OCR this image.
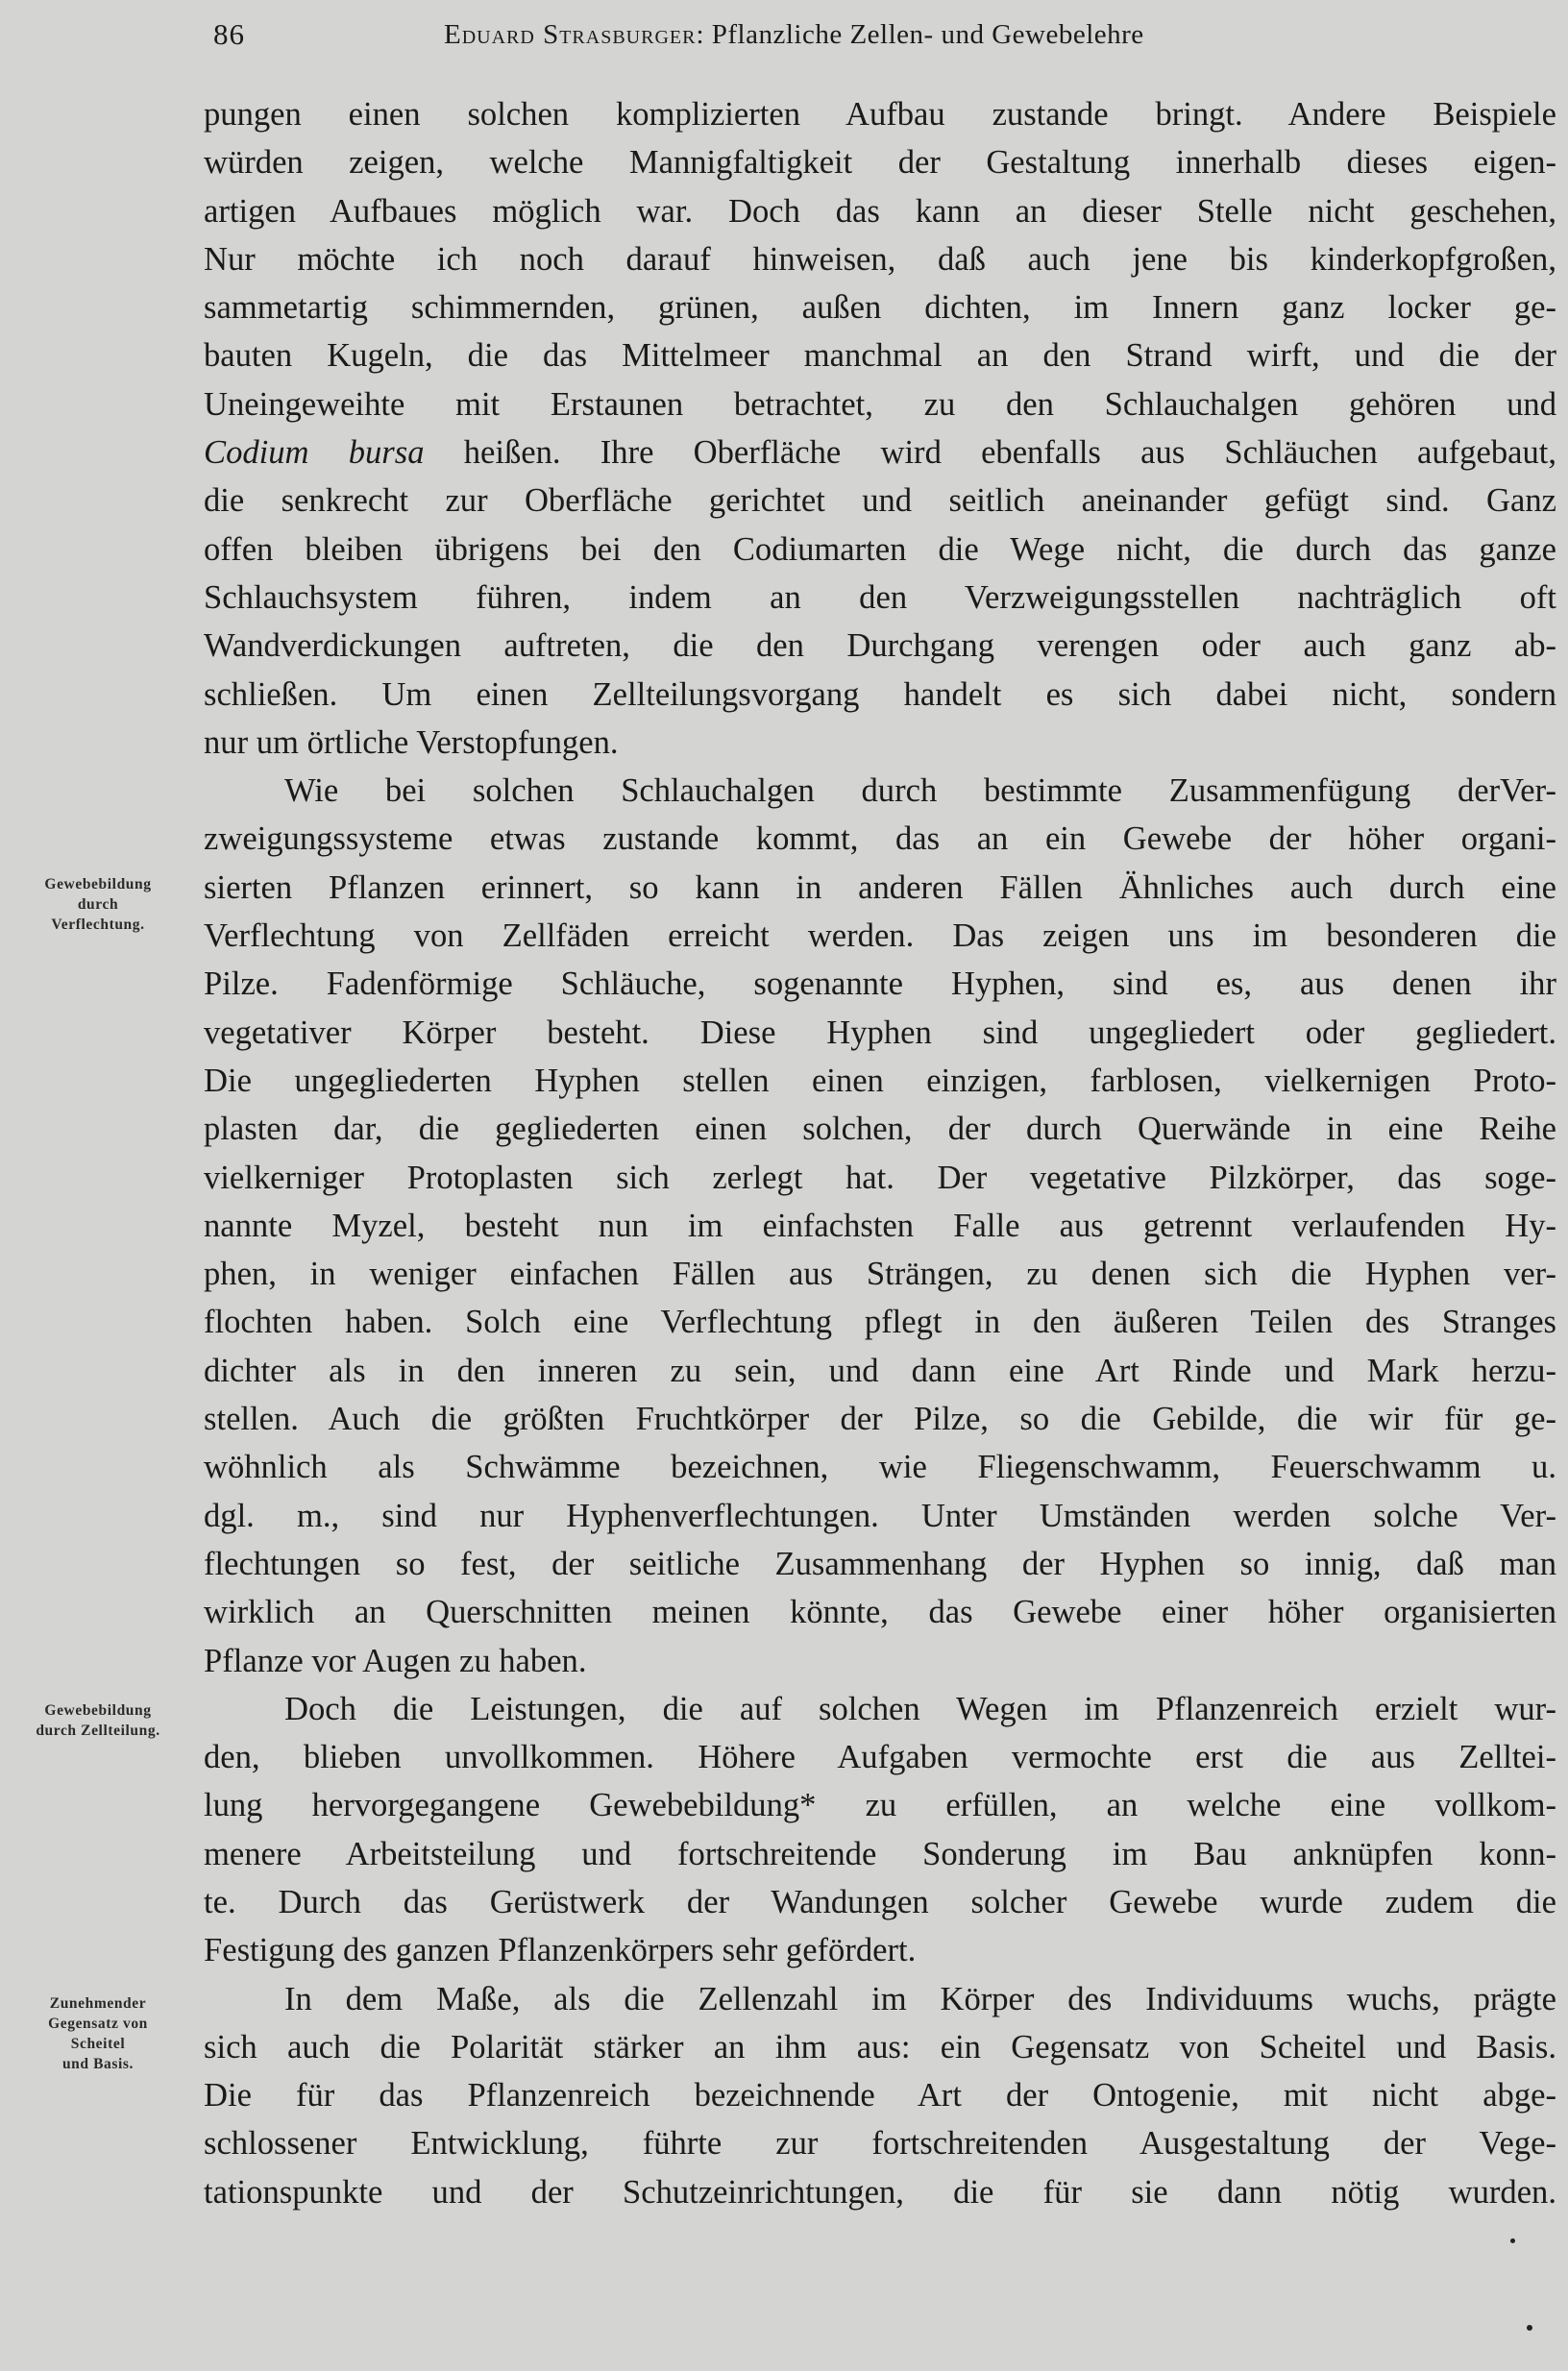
86	Eduard Strasburger: Pflanzliche Zellen- und Gewebelehre
pungen einen solchen komplizierten Aufbau zustande bringt. Andere Beispiele
würden zeigen, welche Mannigfaltigkeit der Gestaltung innerhalb dieses eigen-
artigen Aufbaues möglich war. Doch das kann an dieser Stelle nicht geschehen,
Nur möchte ich noch darauf hinweisen, daß auch jene bis kinderkopfgroßen,
sammetartig schimmernden, grünen, außen dichten, im Innern ganz locker ge-
bauten Kugeln, die das Mittelmeer manchmal an den Strand wirft, und die der
Uneingeweihte mit Erstaunen betrachtet, zu den Schlauchalgen gehören und
Codium bursa heißen. Ihre Oberfläche wird ebenfalls aus Schläuchen aufgebaut,
die senkrecht zur Oberfläche gerichtet und seitlich aneinander gefügt sind. Ganz
offen bleiben übrigens bei den Codiumarten die Wege nicht, die durch das ganze
Schlauchsystem führen, indem an den Verzweigungsstellen nachträglich oft
Wandverdickungen auftreten, die den Durchgang verengen oder auch ganz ab-
schließen. Um einen Zellteilungsvorgang handelt es sich dabei nicht, sondern
nur um örtliche Verstopfungen.
Wie bei solchen Schlauchalgen durch bestimmte Zusammenfügung derVer-
zweigungssysteme etwas zustande kommt, das an ein Gewebe der höher organi-
sierten Pflanzen erinnert, so kann in anderen Fällen Ähnliches auch durch eine
Verflechtung von Zellfäden erreicht werden. Das zeigen uns im besonderen die
Pilze. Fadenförmige Schläuche, sogenannte Hyphen, sind es, aus denen ihr
vegetativer Körper besteht. Diese Hyphen sind ungegliedert oder gegliedert.
Die ungegliederten Hyphen stellen einen einzigen, farblosen, vielkernigen Proto-
plasten dar, die gegliederten einen solchen, der durch Querwände in eine Reihe
vielkerniger Protoplasten sich zerlegt hat. Der vegetative Pilzkörper, das soge-
nannte Myzel, besteht nun im einfachsten Falle aus getrennt verlaufenden Hy-
phen, in weniger einfachen Fällen aus Strängen, zu denen sich die Hyphen ver-
flochten haben. Solch eine Verflechtung pflegt in den äußeren Teilen des Stranges
dichter als in den inneren zu sein, und dann eine Art Rinde und Mark herzu-
stellen. Auch die größten Fruchtkörper der Pilze, so die Gebilde, die wir für ge-
wöhnlich als Schwämme bezeichnen, wie Fliegenschwamm, Feuerschwamm u.
dgl. m., sind nur Hyphenverflechtungen. Unter Umständen werden solche Ver-
flechtungen so fest, der seitliche Zusammenhang der Hyphen so innig, daß man
wirklich an Querschnitten meinen könnte, das Gewebe einer höher organisierten
Pflanze vor Augen zu haben.
Doch die Leistungen, die auf solchen Wegen im Pflanzenreich erzielt wur-
den, blieben unvollkommen. Höhere Aufgaben vermochte erst die aus Zelltei-
lung hervorgegangene Gewebebildung* zu erfüllen, an welche eine vollkom-
menere Arbeitsteilung und fortschreitende Sonderung im Bau anknüpfen konn-
te. Durch das Gerüstwerk der Wandungen solcher Gewebe wurde zudem die
Festigung des ganzen Pflanzenkörpers sehr gefördert.
In dem Maße, als die Zellenzahl im Körper des Individuums wuchs, prägte
sich auch die Polarität stärker an ihm aus: ein Gegensatz von Scheitel und Basis.
Die für das Pflanzenreich bezeichnende Art der Ontogenie, mit nicht abge-
schlossener Entwicklung, führte zur fortschreitenden Ausgestaltung der Vege-
tationspunkte und der Schutzeinrichtungen, die für sie dann nötig wurden.
Gewebebildung
durch
Verflechtung.
Gewebebildung
durch Zellteilung.
Zunehmender
Gegensatz von
Scheitel
und Basis.
